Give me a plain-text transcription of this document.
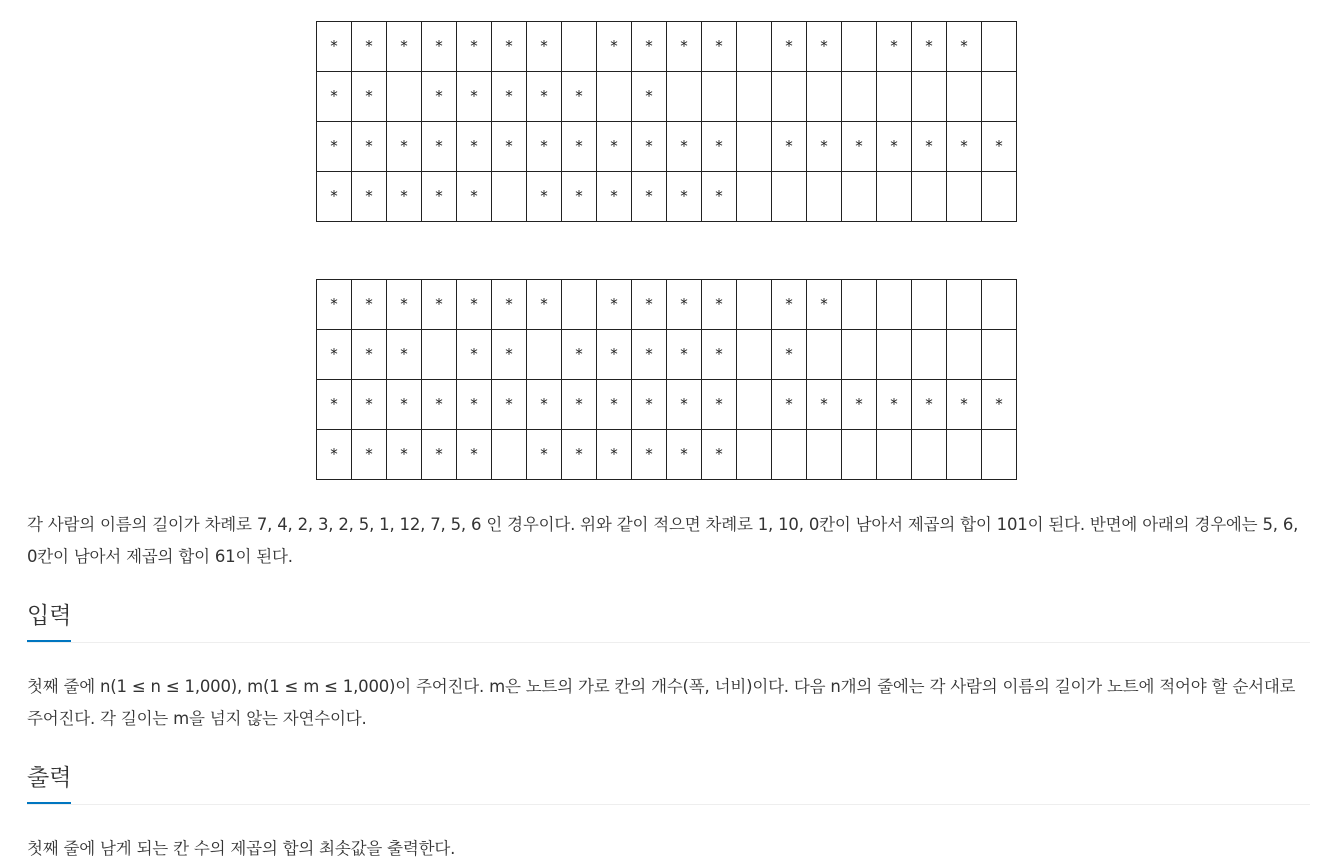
*	*	*	*	*	*	*		*	*	*	*		*	*		*	*	*	
*	*		*	*	*	*	*		*										
*	*	*	*	*	*	*	*	*	*	*	*		*	*	*	*	*	*	*
*	*	*	*	*		*	*	*	*	*	*								
*	*	*	*	*	*	*		*	*	*	*		*	*					
*	*	*		*	*		*	*	*	*	*		*						
*	*	*	*	*	*	*	*	*	*	*	*		*	*	*	*	*	*	*
*	*	*	*	*		*	*	*	*	*	*								

각 사람의 이름의 길이가 차례로 7, 4, 2, 3, 2, 5, 1, 12, 7, 5, 6 인 경우이다. 위와 같이 적으면 차례로 1, 10, 0칸이 남아서 제곱의 합이 101이 된다. 반면에 아래의 경우에는 5, 6, 0칸이 남아서 제곱의 합이 61이 된다.

입력

첫째 줄에 n(1 ≤ n ≤ 1,000), m(1 ≤ m ≤ 1,000)이 주어진다. m은 노트의 가로 칸의 개수(폭, 너비)이다. 다음 n개의 줄에는 각 사람의 이름의 길이가 노트에 적어야 할 순서대로 주어진다. 각 길이는 m을 넘지 않는 자연수이다.

출력

첫째 줄에 남게 되는 칸 수의 제곱의 합의 최솟값을 출력한다.
